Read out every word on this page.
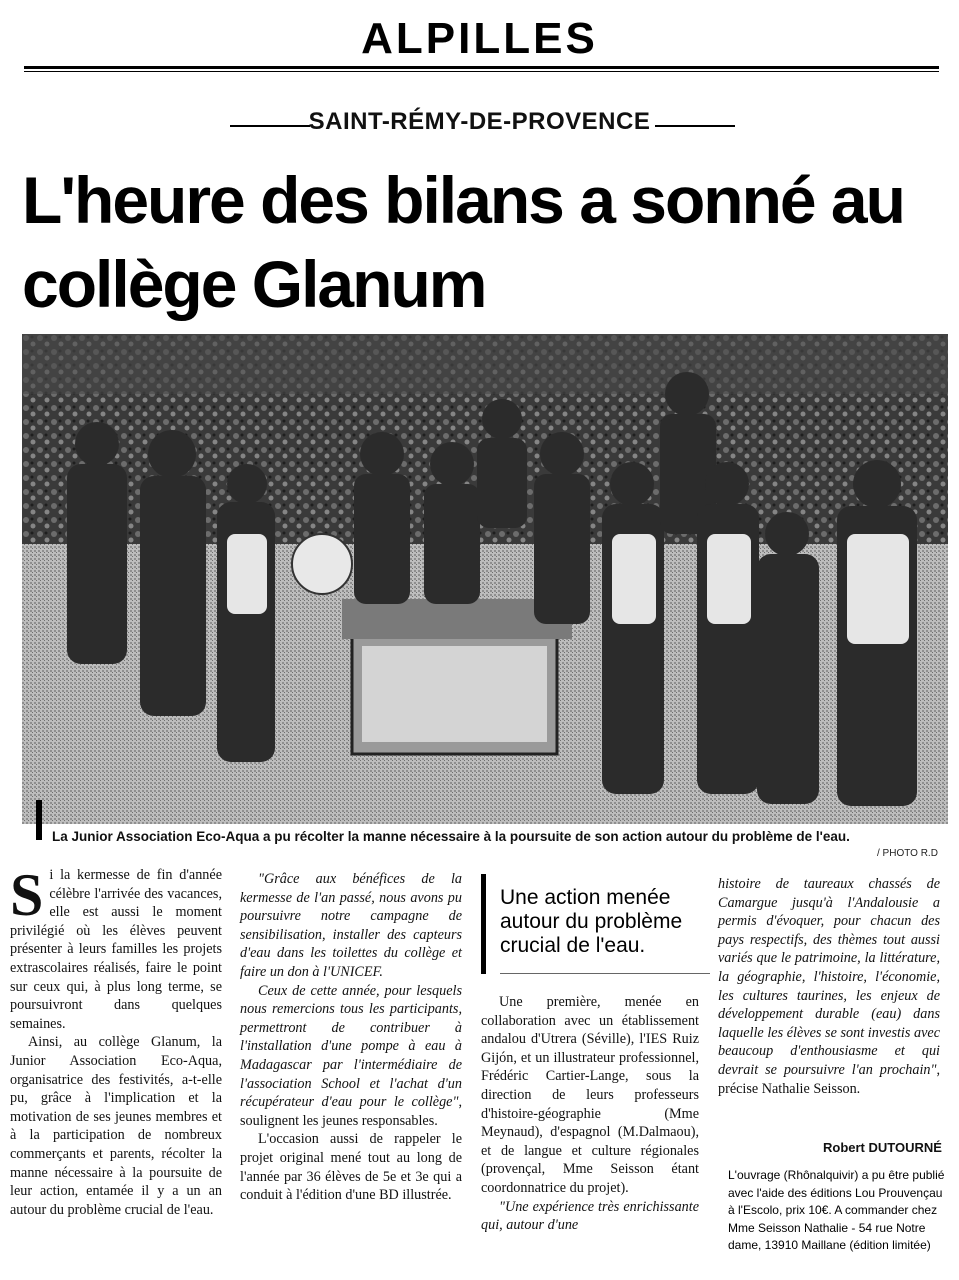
ALPILLES
SAINT-RÉMY-DE-PROVENCE
L'heure des bilans a sonné au collège Glanum
La Junior Association Eco-Aqua a pu récolter la manne nécessaire à la poursuite de son action autour du problème de l'eau.
/ PHOTO R.D

Si la kermesse de fin d'année célèbre l'arrivée des vacances, elle est aussi le moment privilégié où les élèves peuvent présenter à leurs familles les projets extrascolaires réalisés, faire le point sur ceux qui, à plus long terme, se poursuivront dans quelques semaines.

Ainsi, au collège Glanum, la Junior Association Eco-Aqua, organisatrice des festivités, a-t-elle pu, grâce à l'implication et la motivation de ses jeunes membres et à la participation de nombreux commerçants et parents, récolter la manne nécessaire à la poursuite de leur action, entamée il y a un an autour du problème crucial de l'eau.

"Grâce aux bénéfices de la kermesse de l'an passé, nous avons pu poursuivre notre campagne de sensibilisation, installer des capteurs d'eau dans les toilettes du collège et faire un don à l'UNICEF.

Ceux de cette année, pour lesquels nous remercions tous les participants, permettront de contribuer à l'installation d'une pompe à eau à Madagascar par l'intermédiaire de l'association School et l'achat d'un récupérateur d'eau pour le collège", soulignent les jeunes responsables.

L'occasion aussi de rappeler le projet original mené tout au long de l'année par 36 élèves de 5e et 3e qui a conduit à l'édition d'une BD illustrée.

Une action menée autour du problème crucial de l'eau.

Une première, menée en collaboration avec un établissement andalou d'Utrera (Séville), l'IES Ruiz Gijón, et un illustrateur professionnel, Frédéric Cartier-Lange, sous la direction de leurs professeurs d'histoire-géographie (Mme Meynaud), d'espagnol (M.Dalmaou), et de langue et culture régionales (provençal, Mme Seisson étant coordonnatrice du projet).

"Une expérience très enrichissante qui, autour d'une

histoire de taureaux chassés de Camargue jusqu'à l'Andalousie a permis d'évoquer, pour chacun des pays respectifs, des thèmes tout aussi variés que le patrimoine, la littérature, la géographie, l'histoire, l'économie, les cultures taurines, les enjeux de développement durable (eau) dans laquelle les élèves se sont investis avec beaucoup d'enthousiasme et qui devrait se poursuivre l'an prochain", précise Nathalie Seisson.

Robert DUTOURNÉ
L'ouvrage (Rhônalquivir) a pu être publié avec l'aide des éditions Lou Prouvençau à l'Escolo, prix 10€. A commander chez Mme Seisson Nathalie - 54 rue Notre dame, 13910 Maillane (édition limitée)
